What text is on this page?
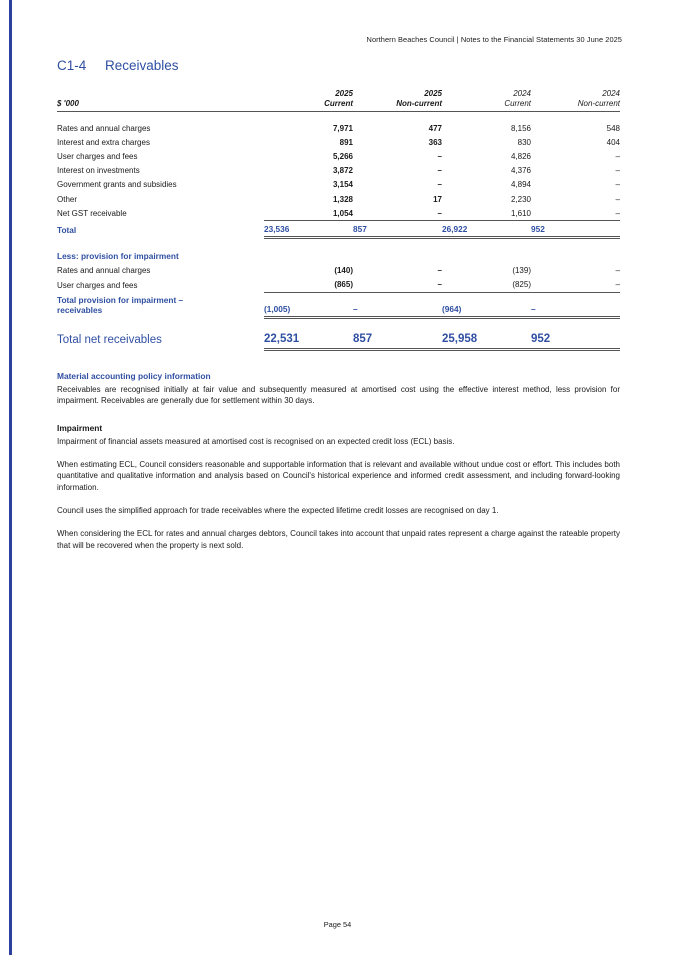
Northern Beaches Council | Notes to the Financial Statements 30 June 2025
C1-4	Receivables
	2025	2025	2024	2024
$ '000	Current	Non-current	Current	Non-current

Rates and annual charges	7,971	477	8,156	548
Interest and extra charges	891	363	830	404
User charges and fees	5,266	–	4,826	–
Interest on investments	3,872	–	4,376	–
Government grants and subsidies	3,154	–	4,894	–
Other	1,328	17	2,230	–
Net GST receivable	1,054	–	1,610	–
Total	23,536	857	26,922	952

Less: provision for impairment				
Rates and annual charges	(140)	–	(139)	–
User charges and fees	(865)	–	(825)	–
Total provision for impairment –
receivables	(1,005)	–	(964)	–

Total net receivables	22,531	857	25,958	952
Material accounting policy information

Receivables are recognised initially at fair value and subsequently measured at amortised cost using the effective interest method, less provision for impairment. Receivables are generally due for settlement within 30 days.

Impairment

Impairment of financial assets measured at amortised cost is recognised on an expected credit loss (ECL) basis.

When estimating ECL, Council considers reasonable and supportable information that is relevant and available without undue cost or effort. This includes both quantitative and qualitative information and analysis based on Council's historical experience and informed credit assessment, and including forward-looking information.

Council uses the simplified approach for trade receivables where the expected lifetime credit losses are recognised on day 1.

When considering the ECL for rates and annual charges debtors, Council takes into account that unpaid rates represent a charge against the rateable property that will be recovered when the property is next sold.

Page 54
